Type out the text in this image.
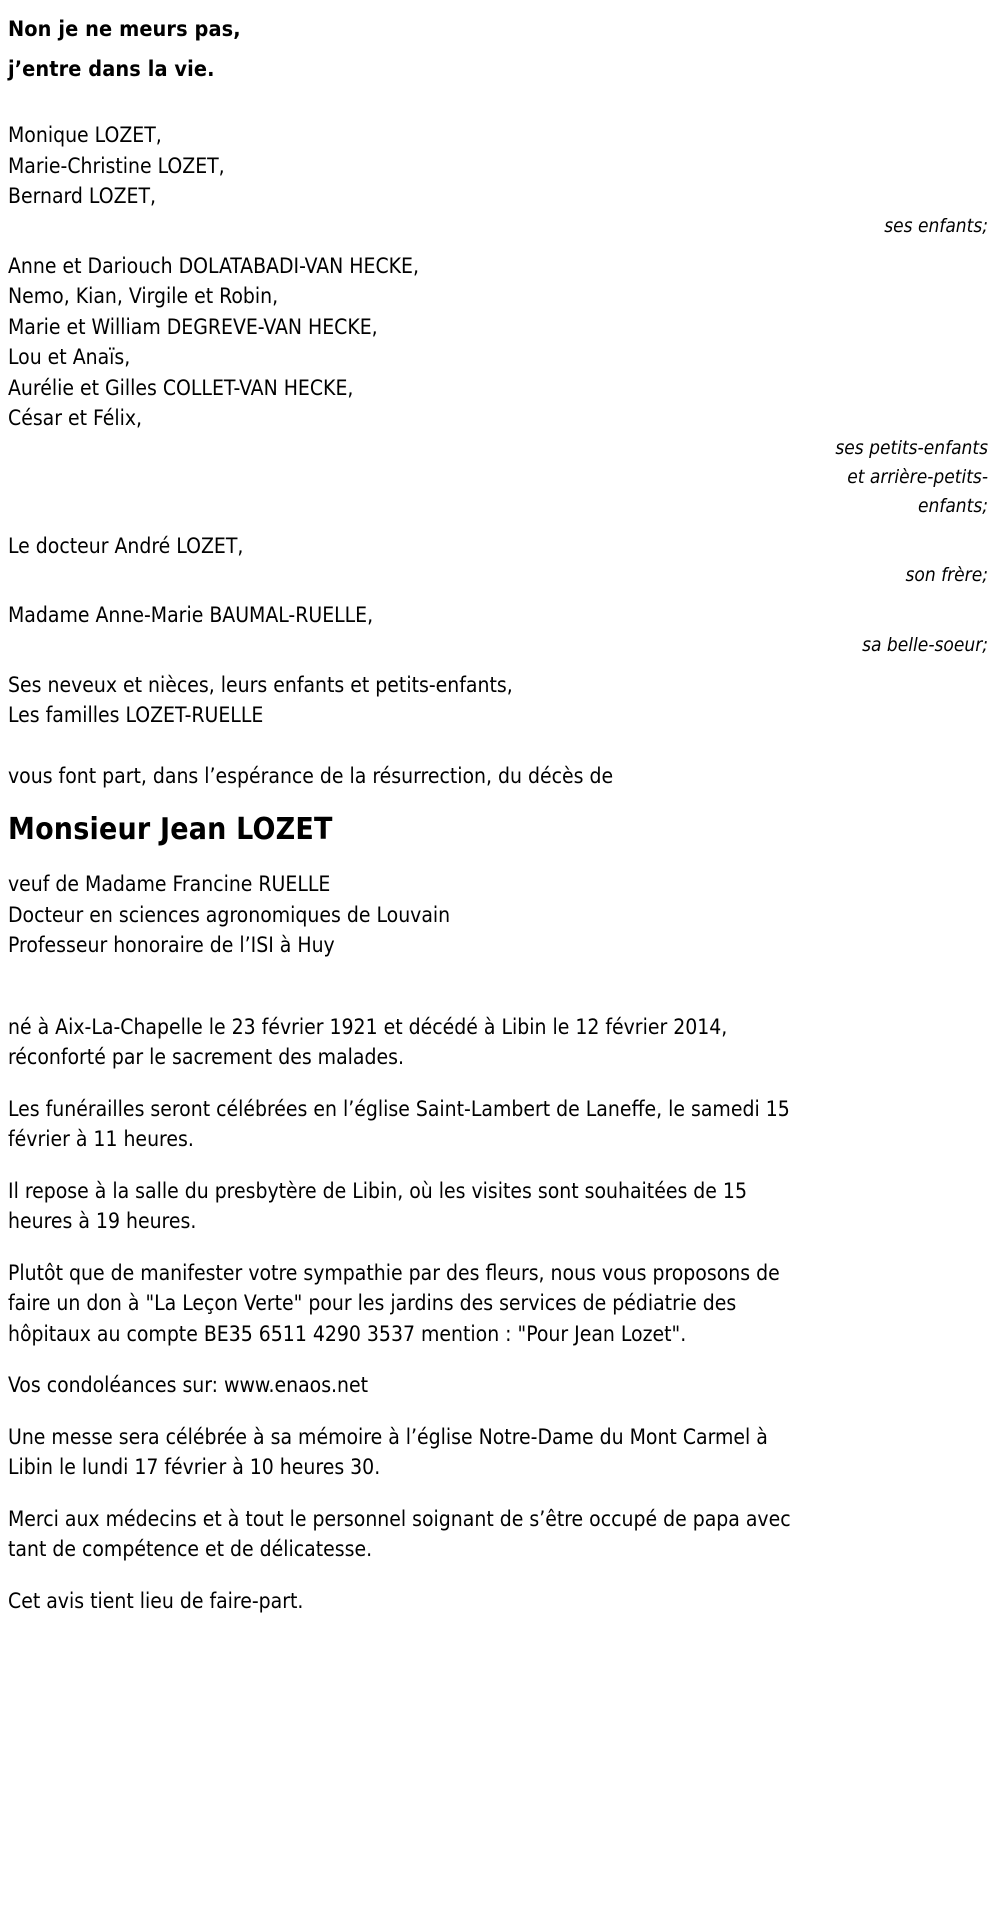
Non je ne meurs pas,
j’entre dans la vie.
Monique LOZET,
Marie-Christine LOZET,
Bernard LOZET,
ses enfants;
Anne et Dariouch DOLATABADI-VAN HECKE,
Nemo, Kian, Virgile et Robin,
Marie et William DEGREVE-VAN HECKE,
Lou et Anaïs,
Aurélie et Gilles COLLET-VAN HECKE,
César et Félix,
ses petits-enfants
et arrière-petits-
enfants;
Le docteur André LOZET,
son frère;
Madame Anne-Marie BAUMAL-RUELLE,
sa belle-soeur;
Ses neveux et nièces, leurs enfants et petits-enfants,
Les familles LOZET-RUELLE
vous font part, dans l’espérance de la résurrection, du décès de
Monsieur Jean LOZET
veuf de Madame Francine RUELLE
Docteur en sciences agronomiques de Louvain
Professeur honoraire de l’ISI à Huy

né à Aix-La-Chapelle le 23 février 1921 et décédé à Libin le 12 février 2014, réconforté par le sacrement des malades.

Les funérailles seront célébrées en l’église Saint-Lambert de Laneffe, le samedi 15 février à 11 heures.

Il repose à la salle du presbytère de Libin, où les visites sont souhaitées de 15 heures à 19 heures.

Plutôt que de manifester votre sympathie par des fleurs, nous vous proposons de faire un don à "La Leçon Verte" pour les jardins des services de pédiatrie des hôpitaux au compte BE35 6511 4290 3537 mention : "Pour Jean Lozet".

Vos condoléances sur: www.enaos.net

Une messe sera célébrée à sa mémoire à l’église Notre-Dame du Mont Carmel à Libin le lundi 17 février à 10 heures 30.

Merci aux médecins et à tout le personnel soignant de s’être occupé de papa avec tant de compétence et de délicatesse.

Cet avis tient lieu de faire-part.
